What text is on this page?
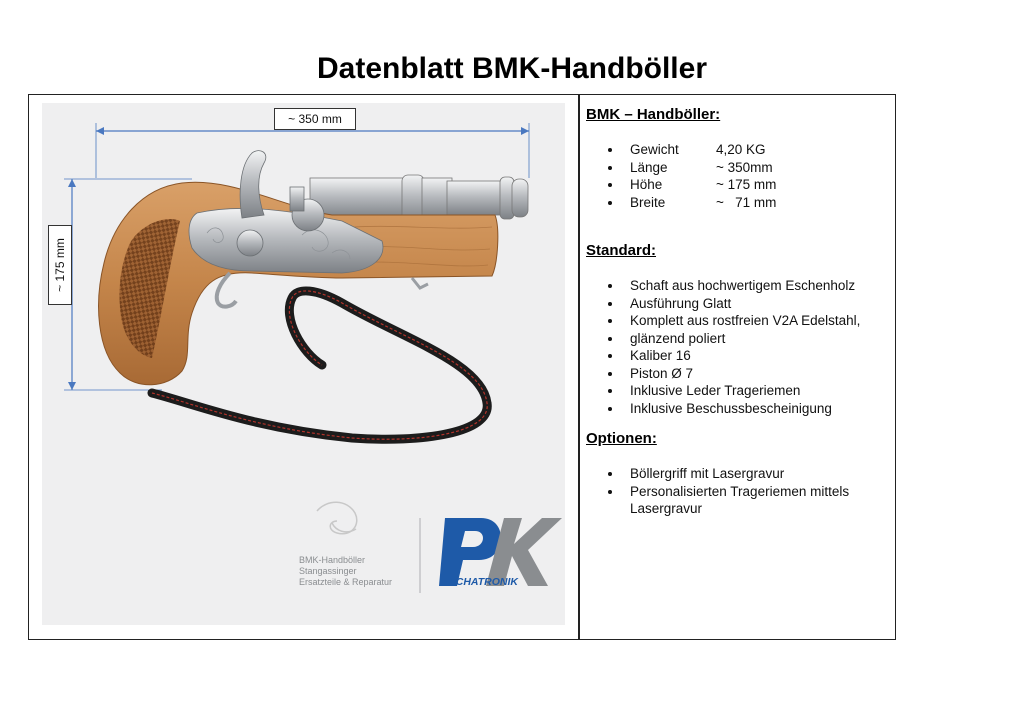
Datenblatt BMK-Handböller
BMK-Handböller
Stangassinger
Ersatzteile & Reparatur	MECHATRONIK
~ 350 mm
~ 175 mm
BMK – Handböller:
Gewicht	4,20 KG
Länge	~ 350mm
Höhe	~ 175 mm
Breite	~   71 mm
Standard:
Schaft aus hochwertigem Eschenholz
Ausführung Glatt
Komplett aus rostfreien V2A Edelstahl,
glänzend poliert
Kaliber 16
Piston Ø 7
Inklusive Leder Trageriemen
Inklusive Beschussbescheinigung
Optionen:
Böllergriff mit Lasergravur
Personalisierten Trageriemen mittels Lasergravur
